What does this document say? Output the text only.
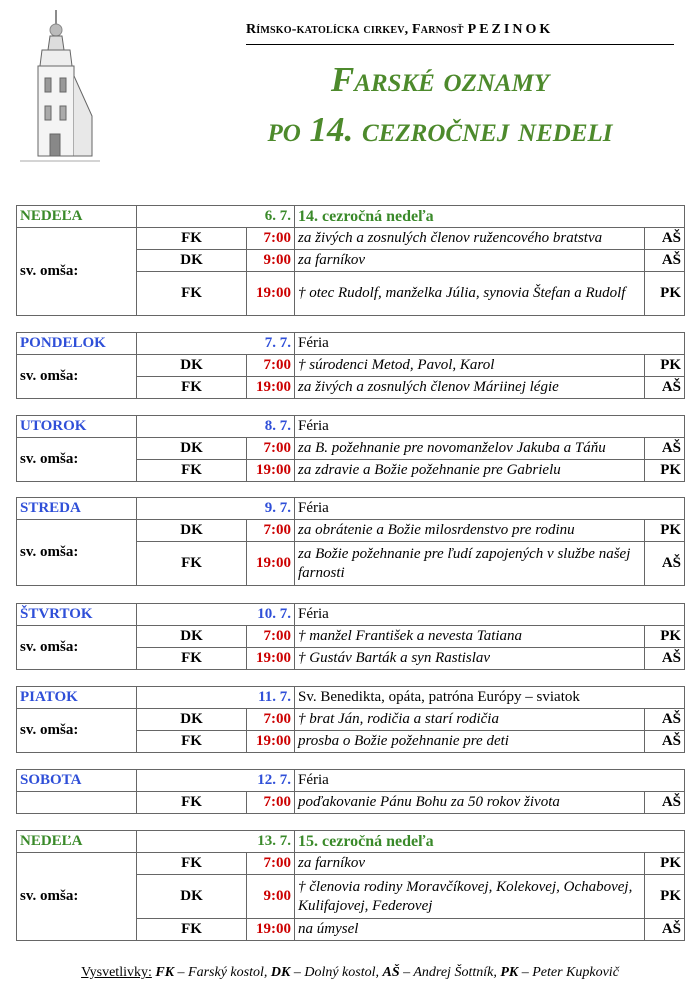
Rímsko-katolícka cirkev, Farnosť PEZINOK
Farské oznamy
po 14. cezročnej nedeli
NEDEĽA	6. 7.		14. cezročná nedeľa	
sv. omša:	FK	7:00	za živých a zosnulých členov ružencového bratstva	AŠ
	DK	9:00	za farníkov	AŠ
	FK	19:00	† otec Rudolf, manželka Júlia, synovia Štefan a Rudolf	PK
PONDELOK	7. 7.		Féria	
sv. omša:	DK	7:00	† súrodenci Metod, Pavol, Karol	PK
	FK	19:00	za živých a zosnulých členov Máriinej légie	AŠ
UTOROK	8. 7.		Féria	
sv. omša:	DK	7:00	za B. požehnanie pre novomanželov Jakuba a Táňu	AŠ
	FK	19:00	za zdravie a Božie požehnanie pre Gabrielu	PK
STREDA	9. 7.		Féria	
sv. omša:	DK	7:00	za obrátenie a Božie milosrdenstvo pre rodinu	PK
	FK	19:00	za Božie požehnanie pre ľudí zapojených v službe našej farnosti	AŠ
ŠTVRTOK	10. 7.		Féria	
sv. omša:	DK	7:00	† manžel František a nevesta Tatiana	PK
	FK	19:00	† Gustáv Barták a syn Rastislav	AŠ
PIATOK	11. 7.		Sv. Benedikta, opáta, patróna Európy – sviatok	
sv. omša:	DK	7:00	† brat Ján, rodičia a starí rodičia	AŠ
	FK	19:00	prosba o Božie požehnanie pre deti	AŠ
SOBOTA	12. 7.		Féria	
	FK	7:00	poďakovanie Pánu Bohu za 50 rokov života	AŠ
NEDEĽA	13. 7.		15. cezročná nedeľa	
sv. omša:	FK	7:00	za farníkov	PK
	DK	9:00	† členovia rodiny Moravčíkovej, Kolekovej, Ochabovej, Kulifajovej, Federovej	PK
	FK	19:00	na úmysel	AŠ
Vysvetlivky: FK – Farský kostol, DK – Dolný kostol, AŠ – Andrej Šottník, PK – Peter Kupkovič
